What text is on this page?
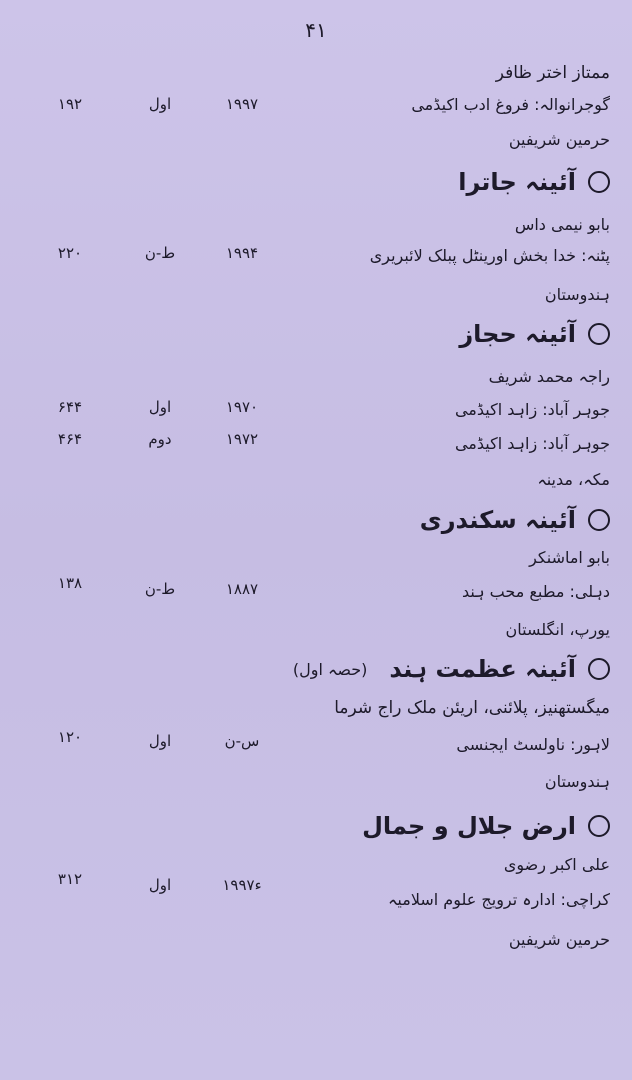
۴۱
ممتاز اختر ظافر
گوجرانوالہ: فروغ ادب اکیڈمی
۱۹۹۷
اول
۱۹۲
حرمین شریفین
آئینہ جاترا
بابو نیمی داس
پٹنہ: خدا بخش اورینٹل پبلک لائبریری
۱۹۹۴
ط-ن
۲۲۰
ہندوستان
آئینہ حجاز
راجہ محمد شریف
جوہر آباد: زاہد اکیڈمی
۱۹۷۰
اول
۶۴۴
جوہر آباد: زاہد اکیڈمی
۱۹۷۲
دوم
۴۶۴
مکہ، مدینہ
آئینہ سکندری
بابو اماشنکر
دہلی: مطبع محب ہند
۱۸۸۷
ط-ن
۱۳۸
یورپ، انگلستان
آئینہ عظمت ہند
(حصہ اول)
میگستھنیز، پلائنی، اریئن ملک راج شرما
لاہور: ناولسٹ ایجنسی
س-ن
اول
۱۲۰
ہندوستان
ارض جلال و جمال
علی اکبر رضوی
کراچی: ادارہ ترویج علوم اسلامیہ
۱۹۹۷ء
اول
۳۱۲
حرمین شریفین
